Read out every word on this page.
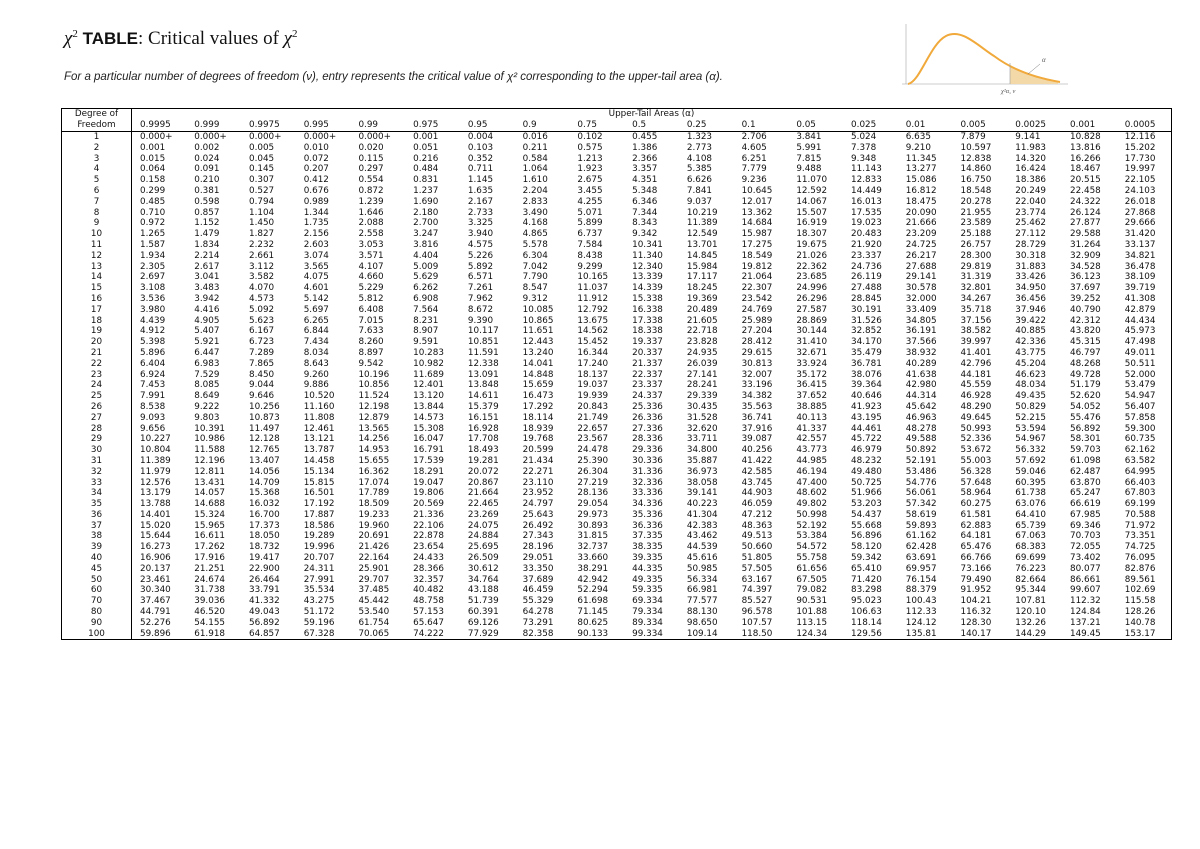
$\chi^2$ TABLE: Critical values of $\chi^2$
For a particular number of degrees of freedom (ν), entry represents the critical value of χ² corresponding to the upper-tail area (α).
α
χ²α, ν
Degree of
Freedom	Upper-Tail Areas (α)																		
	0.9995	0.999	0.9975	0.995	0.99	0.975	0.95	0.9	0.75	0.5	0.25	0.1	0.05	0.025	0.01	0.005	0.0025	0.001	0.0005
1	0.000+	0.000+	0.000+	0.000+	0.000+	0.001	0.004	0.016	0.102	0.455	1.323	2.706	3.841	5.024	6.635	7.879	9.141	10.828	12.116
2	0.001	0.002	0.005	0.010	0.020	0.051	0.103	0.211	0.575	1.386	2.773	4.605	5.991	7.378	9.210	10.597	11.983	13.816	15.202
3	0.015	0.024	0.045	0.072	0.115	0.216	0.352	0.584	1.213	2.366	4.108	6.251	7.815	9.348	11.345	12.838	14.320	16.266	17.730
4	0.064	0.091	0.145	0.207	0.297	0.484	0.711	1.064	1.923	3.357	5.385	7.779	9.488	11.143	13.277	14.860	16.424	18.467	19.997
5	0.158	0.210	0.307	0.412	0.554	0.831	1.145	1.610	2.675	4.351	6.626	9.236	11.070	12.833	15.086	16.750	18.386	20.515	22.105
6	0.299	0.381	0.527	0.676	0.872	1.237	1.635	2.204	3.455	5.348	7.841	10.645	12.592	14.449	16.812	18.548	20.249	22.458	24.103
7	0.485	0.598	0.794	0.989	1.239	1.690	2.167	2.833	4.255	6.346	9.037	12.017	14.067	16.013	18.475	20.278	22.040	24.322	26.018
8	0.710	0.857	1.104	1.344	1.646	2.180	2.733	3.490	5.071	7.344	10.219	13.362	15.507	17.535	20.090	21.955	23.774	26.124	27.868
9	0.972	1.152	1.450	1.735	2.088	2.700	3.325	4.168	5.899	8.343	11.389	14.684	16.919	19.023	21.666	23.589	25.462	27.877	29.666
10	1.265	1.479	1.827	2.156	2.558	3.247	3.940	4.865	6.737	9.342	12.549	15.987	18.307	20.483	23.209	25.188	27.112	29.588	31.420
11	1.587	1.834	2.232	2.603	3.053	3.816	4.575	5.578	7.584	10.341	13.701	17.275	19.675	21.920	24.725	26.757	28.729	31.264	33.137
12	1.934	2.214	2.661	3.074	3.571	4.404	5.226	6.304	8.438	11.340	14.845	18.549	21.026	23.337	26.217	28.300	30.318	32.909	34.821
13	2.305	2.617	3.112	3.565	4.107	5.009	5.892	7.042	9.299	12.340	15.984	19.812	22.362	24.736	27.688	29.819	31.883	34.528	36.478
14	2.697	3.041	3.582	4.075	4.660	5.629	6.571	7.790	10.165	13.339	17.117	21.064	23.685	26.119	29.141	31.319	33.426	36.123	38.109
15	3.108	3.483	4.070	4.601	5.229	6.262	7.261	8.547	11.037	14.339	18.245	22.307	24.996	27.488	30.578	32.801	34.950	37.697	39.719
16	3.536	3.942	4.573	5.142	5.812	6.908	7.962	9.312	11.912	15.338	19.369	23.542	26.296	28.845	32.000	34.267	36.456	39.252	41.308
17	3.980	4.416	5.092	5.697	6.408	7.564	8.672	10.085	12.792	16.338	20.489	24.769	27.587	30.191	33.409	35.718	37.946	40.790	42.879
18	4.439	4.905	5.623	6.265	7.015	8.231	9.390	10.865	13.675	17.338	21.605	25.989	28.869	31.526	34.805	37.156	39.422	42.312	44.434
19	4.912	5.407	6.167	6.844	7.633	8.907	10.117	11.651	14.562	18.338	22.718	27.204	30.144	32.852	36.191	38.582	40.885	43.820	45.973
20	5.398	5.921	6.723	7.434	8.260	9.591	10.851	12.443	15.452	19.337	23.828	28.412	31.410	34.170	37.566	39.997	42.336	45.315	47.498
21	5.896	6.447	7.289	8.034	8.897	10.283	11.591	13.240	16.344	20.337	24.935	29.615	32.671	35.479	38.932	41.401	43.775	46.797	49.011
22	6.404	6.983	7.865	8.643	9.542	10.982	12.338	14.041	17.240	21.337	26.039	30.813	33.924	36.781	40.289	42.796	45.204	48.268	50.511
23	6.924	7.529	8.450	9.260	10.196	11.689	13.091	14.848	18.137	22.337	27.141	32.007	35.172	38.076	41.638	44.181	46.623	49.728	52.000
24	7.453	8.085	9.044	9.886	10.856	12.401	13.848	15.659	19.037	23.337	28.241	33.196	36.415	39.364	42.980	45.559	48.034	51.179	53.479
25	7.991	8.649	9.646	10.520	11.524	13.120	14.611	16.473	19.939	24.337	29.339	34.382	37.652	40.646	44.314	46.928	49.435	52.620	54.947
26	8.538	9.222	10.256	11.160	12.198	13.844	15.379	17.292	20.843	25.336	30.435	35.563	38.885	41.923	45.642	48.290	50.829	54.052	56.407
27	9.093	9.803	10.873	11.808	12.879	14.573	16.151	18.114	21.749	26.336	31.528	36.741	40.113	43.195	46.963	49.645	52.215	55.476	57.858
28	9.656	10.391	11.497	12.461	13.565	15.308	16.928	18.939	22.657	27.336	32.620	37.916	41.337	44.461	48.278	50.993	53.594	56.892	59.300
29	10.227	10.986	12.128	13.121	14.256	16.047	17.708	19.768	23.567	28.336	33.711	39.087	42.557	45.722	49.588	52.336	54.967	58.301	60.735
30	10.804	11.588	12.765	13.787	14.953	16.791	18.493	20.599	24.478	29.336	34.800	40.256	43.773	46.979	50.892	53.672	56.332	59.703	62.162
31	11.389	12.196	13.407	14.458	15.655	17.539	19.281	21.434	25.390	30.336	35.887	41.422	44.985	48.232	52.191	55.003	57.692	61.098	63.582
32	11.979	12.811	14.056	15.134	16.362	18.291	20.072	22.271	26.304	31.336	36.973	42.585	46.194	49.480	53.486	56.328	59.046	62.487	64.995
33	12.576	13.431	14.709	15.815	17.074	19.047	20.867	23.110	27.219	32.336	38.058	43.745	47.400	50.725	54.776	57.648	60.395	63.870	66.403
34	13.179	14.057	15.368	16.501	17.789	19.806	21.664	23.952	28.136	33.336	39.141	44.903	48.602	51.966	56.061	58.964	61.738	65.247	67.803
35	13.788	14.688	16.032	17.192	18.509	20.569	22.465	24.797	29.054	34.336	40.223	46.059	49.802	53.203	57.342	60.275	63.076	66.619	69.199
36	14.401	15.324	16.700	17.887	19.233	21.336	23.269	25.643	29.973	35.336	41.304	47.212	50.998	54.437	58.619	61.581	64.410	67.985	70.588
37	15.020	15.965	17.373	18.586	19.960	22.106	24.075	26.492	30.893	36.336	42.383	48.363	52.192	55.668	59.893	62.883	65.739	69.346	71.972
38	15.644	16.611	18.050	19.289	20.691	22.878	24.884	27.343	31.815	37.335	43.462	49.513	53.384	56.896	61.162	64.181	67.063	70.703	73.351
39	16.273	17.262	18.732	19.996	21.426	23.654	25.695	28.196	32.737	38.335	44.539	50.660	54.572	58.120	62.428	65.476	68.383	72.055	74.725
40	16.906	17.916	19.417	20.707	22.164	24.433	26.509	29.051	33.660	39.335	45.616	51.805	55.758	59.342	63.691	66.766	69.699	73.402	76.095
45	20.137	21.251	22.900	24.311	25.901	28.366	30.612	33.350	38.291	44.335	50.985	57.505	61.656	65.410	69.957	73.166	76.223	80.077	82.876
50	23.461	24.674	26.464	27.991	29.707	32.357	34.764	37.689	42.942	49.335	56.334	63.167	67.505	71.420	76.154	79.490	82.664	86.661	89.561
60	30.340	31.738	33.791	35.534	37.485	40.482	43.188	46.459	52.294	59.335	66.981	74.397	79.082	83.298	88.379	91.952	95.344	99.607	102.69
70	37.467	39.036	41.332	43.275	45.442	48.758	51.739	55.329	61.698	69.334	77.577	85.527	90.531	95.023	100.43	104.21	107.81	112.32	115.58
80	44.791	46.520	49.043	51.172	53.540	57.153	60.391	64.278	71.145	79.334	88.130	96.578	101.88	106.63	112.33	116.32	120.10	124.84	128.26
90	52.276	54.155	56.892	59.196	61.754	65.647	69.126	73.291	80.625	89.334	98.650	107.57	113.15	118.14	124.12	128.30	132.26	137.21	140.78
100	59.896	61.918	64.857	67.328	70.065	74.222	77.929	82.358	90.133	99.334	109.14	118.50	124.34	129.56	135.81	140.17	144.29	149.45	153.17
